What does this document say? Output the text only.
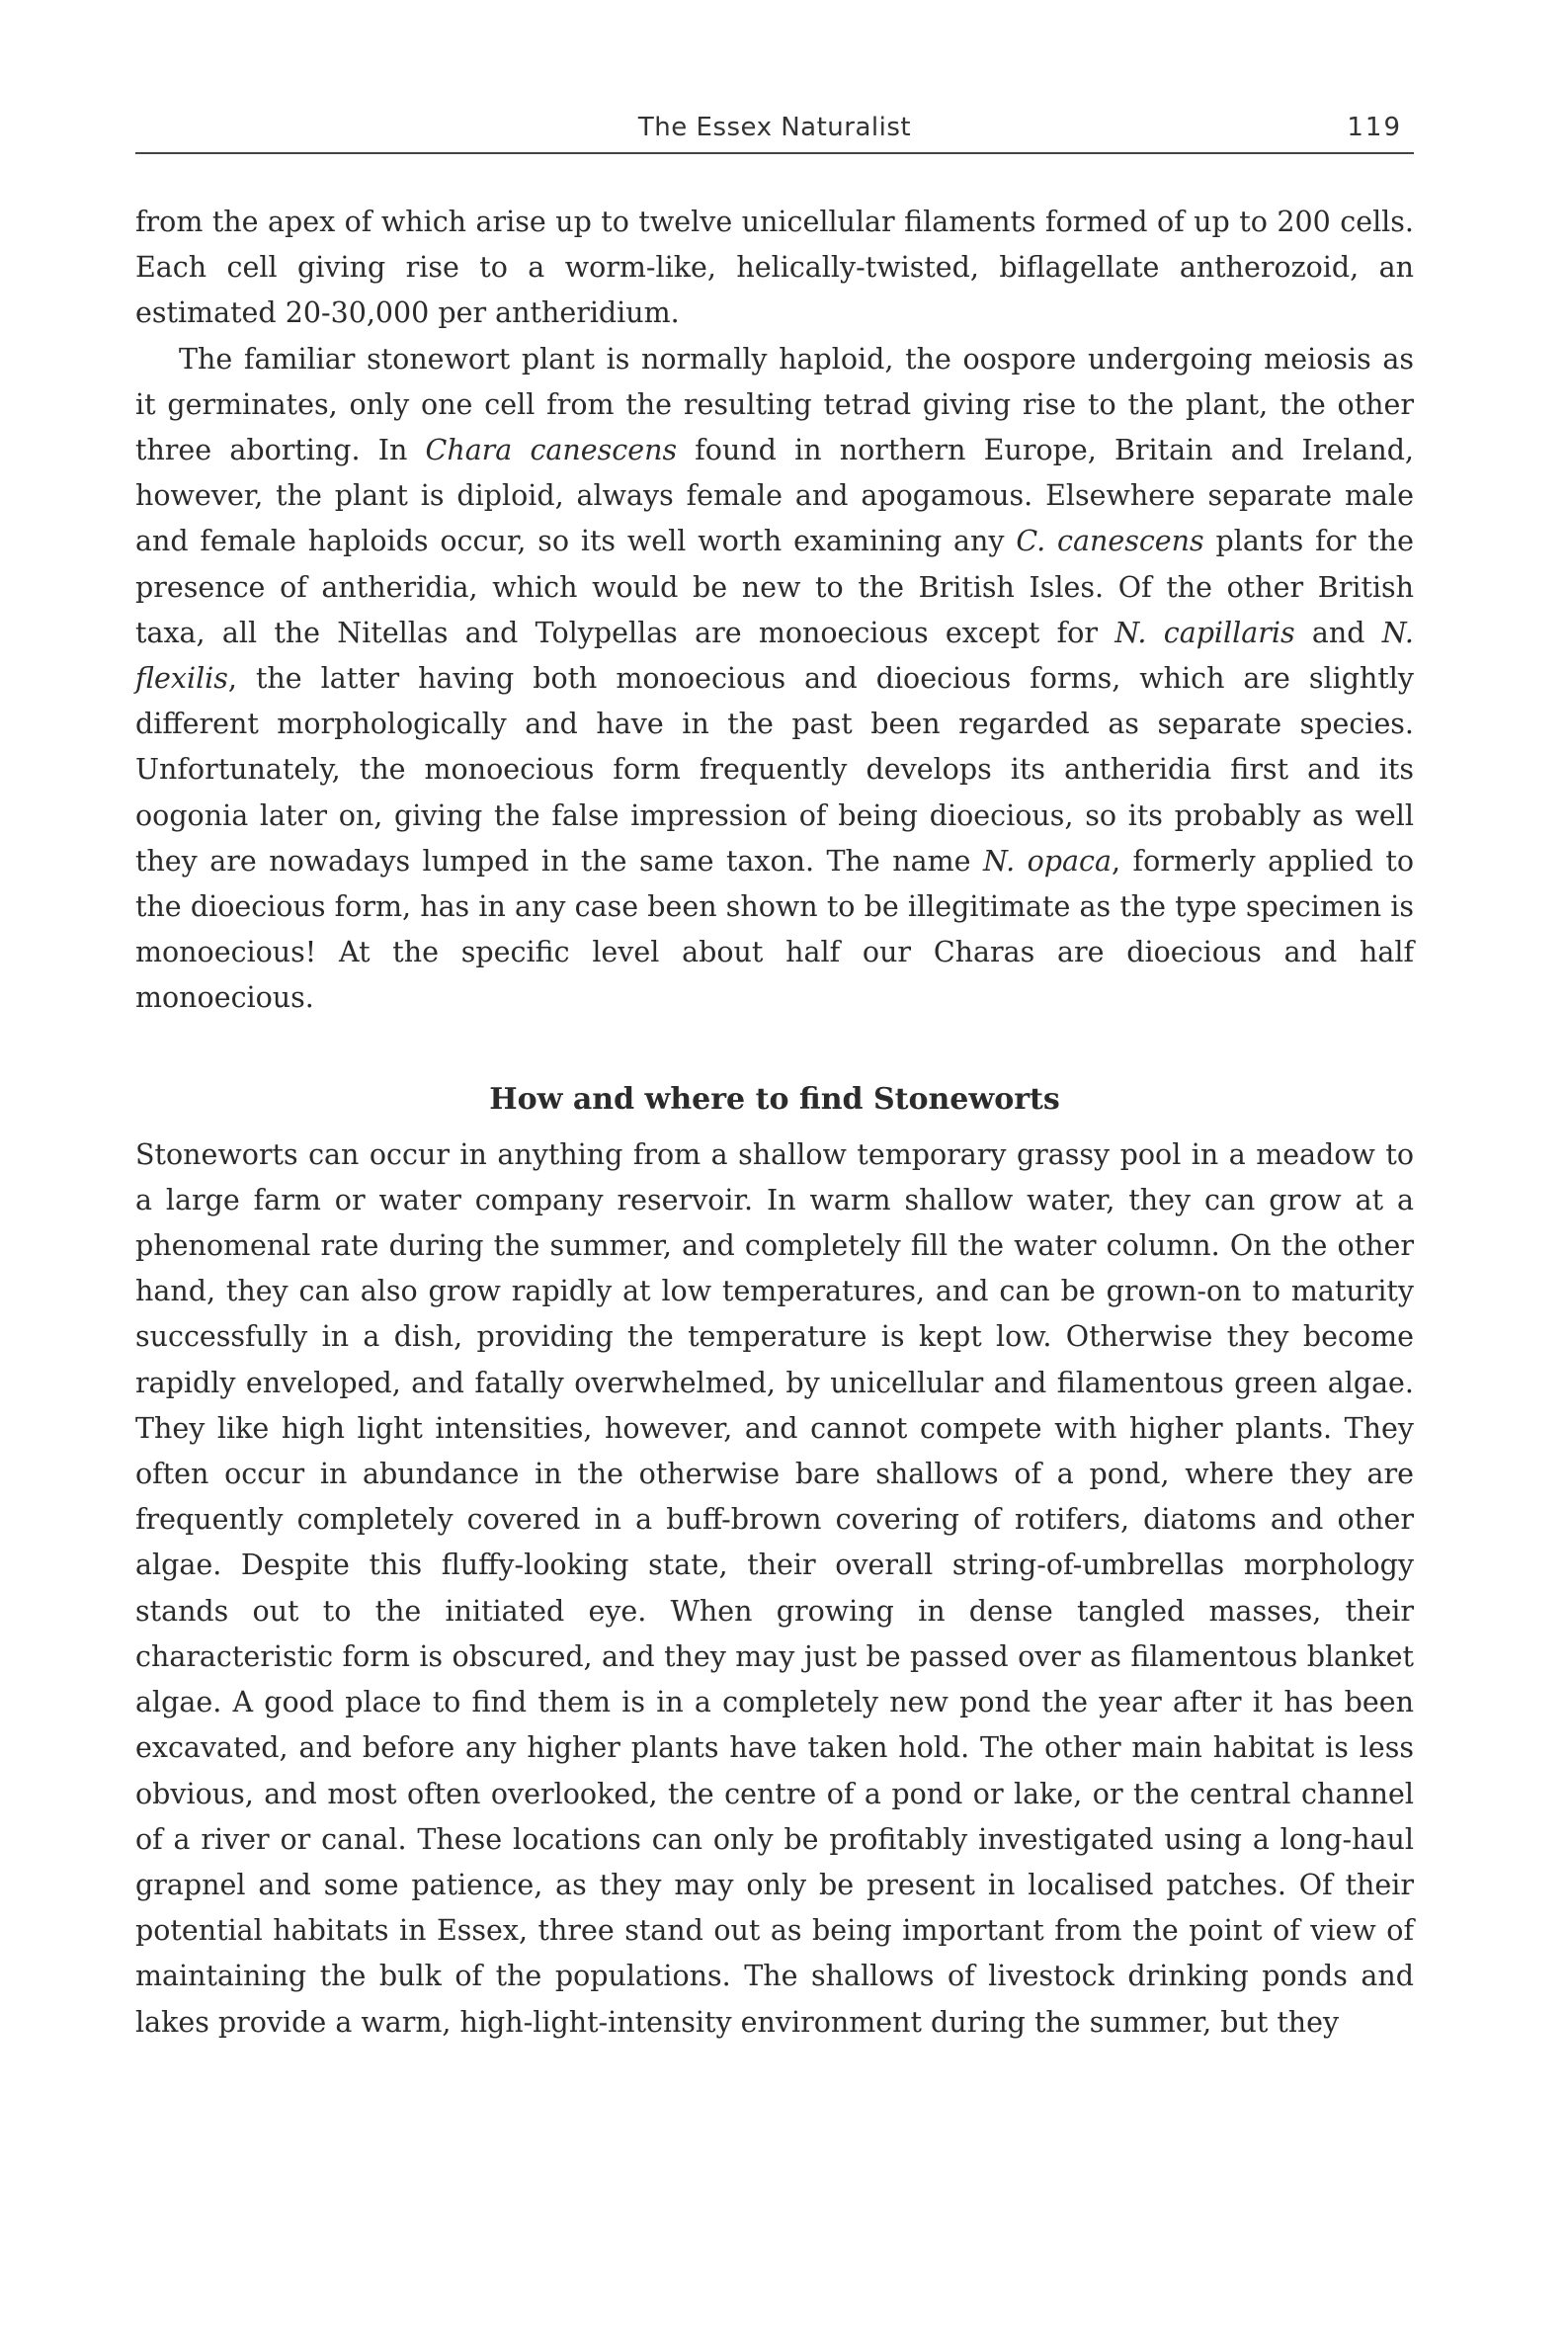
The Essex Naturalist	119

from the apex of which arise up to twelve unicellular filaments formed of up to 200 cells. Each cell giving rise to a worm-like, helically-twisted, biflagellate antherozoid, an estimated 20-30,000 per antheridium.

The familiar stonewort plant is normally haploid, the oospore undergoing meiosis as it germinates, only one cell from the resulting tetrad giving rise to the plant, the other three aborting. In Chara canescens found in northern Europe, Britain and Ireland, however, the plant is diploid, always female and apogamous. Elsewhere separate male and female haploids occur, so its well worth examining any C. canescens plants for the presence of antheridia, which would be new to the British Isles. Of the other British taxa, all the Nitellas and Tolypellas are monoecious except for N. capillaris and N. flexilis, the latter having both monoecious and dioecious forms, which are slightly different morphologically and have in the past been regarded as separate species. Unfortunately, the monoecious form frequently develops its antheridia first and its oogonia later on, giving the false impression of being dioecious, so its probably as well they are nowadays lumped in the same taxon. The name N. opaca, formerly applied to the dioecious form, has in any case been shown to be illegitimate as the type specimen is monoecious! At the specific level about half our Charas are dioecious and half monoecious.

How and where to find Stoneworts

Stoneworts can occur in anything from a shallow temporary grassy pool in a meadow to a large farm or water company reservoir. In warm shallow water, they can grow at a phenomenal rate during the summer, and completely fill the water column. On the other hand, they can also grow rapidly at low temperatures, and can be grown-on to maturity successfully in a dish, providing the temperature is kept low. Otherwise they become rapidly enveloped, and fatally overwhelmed, by unicellular and filamentous green algae. They like high light intensities, however, and cannot compete with higher plants. They often occur in abundance in the otherwise bare shallows of a pond, where they are frequently completely covered in a buff-brown covering of rotifers, diatoms and other algae. Despite this fluffy-looking state, their overall string-of-umbrellas morphology stands out to the initiated eye. When growing in dense tangled masses, their characteristic form is obscured, and they may just be passed over as filamentous blanket algae. A good place to find them is in a completely new pond the year after it has been excavated, and before any higher plants have taken hold. The other main habitat is less obvious, and most often overlooked, the centre of a pond or lake, or the central channel of a river or canal. These locations can only be profitably investigated using a long-haul grapnel and some patience, as they may only be present in localised patches. Of their potential habitats in Essex, three stand out as being important from the point of view of maintaining the bulk of the populations. The shallows of livestock drinking ponds and lakes provide a warm, high-light-intensity environment during the summer, but they
